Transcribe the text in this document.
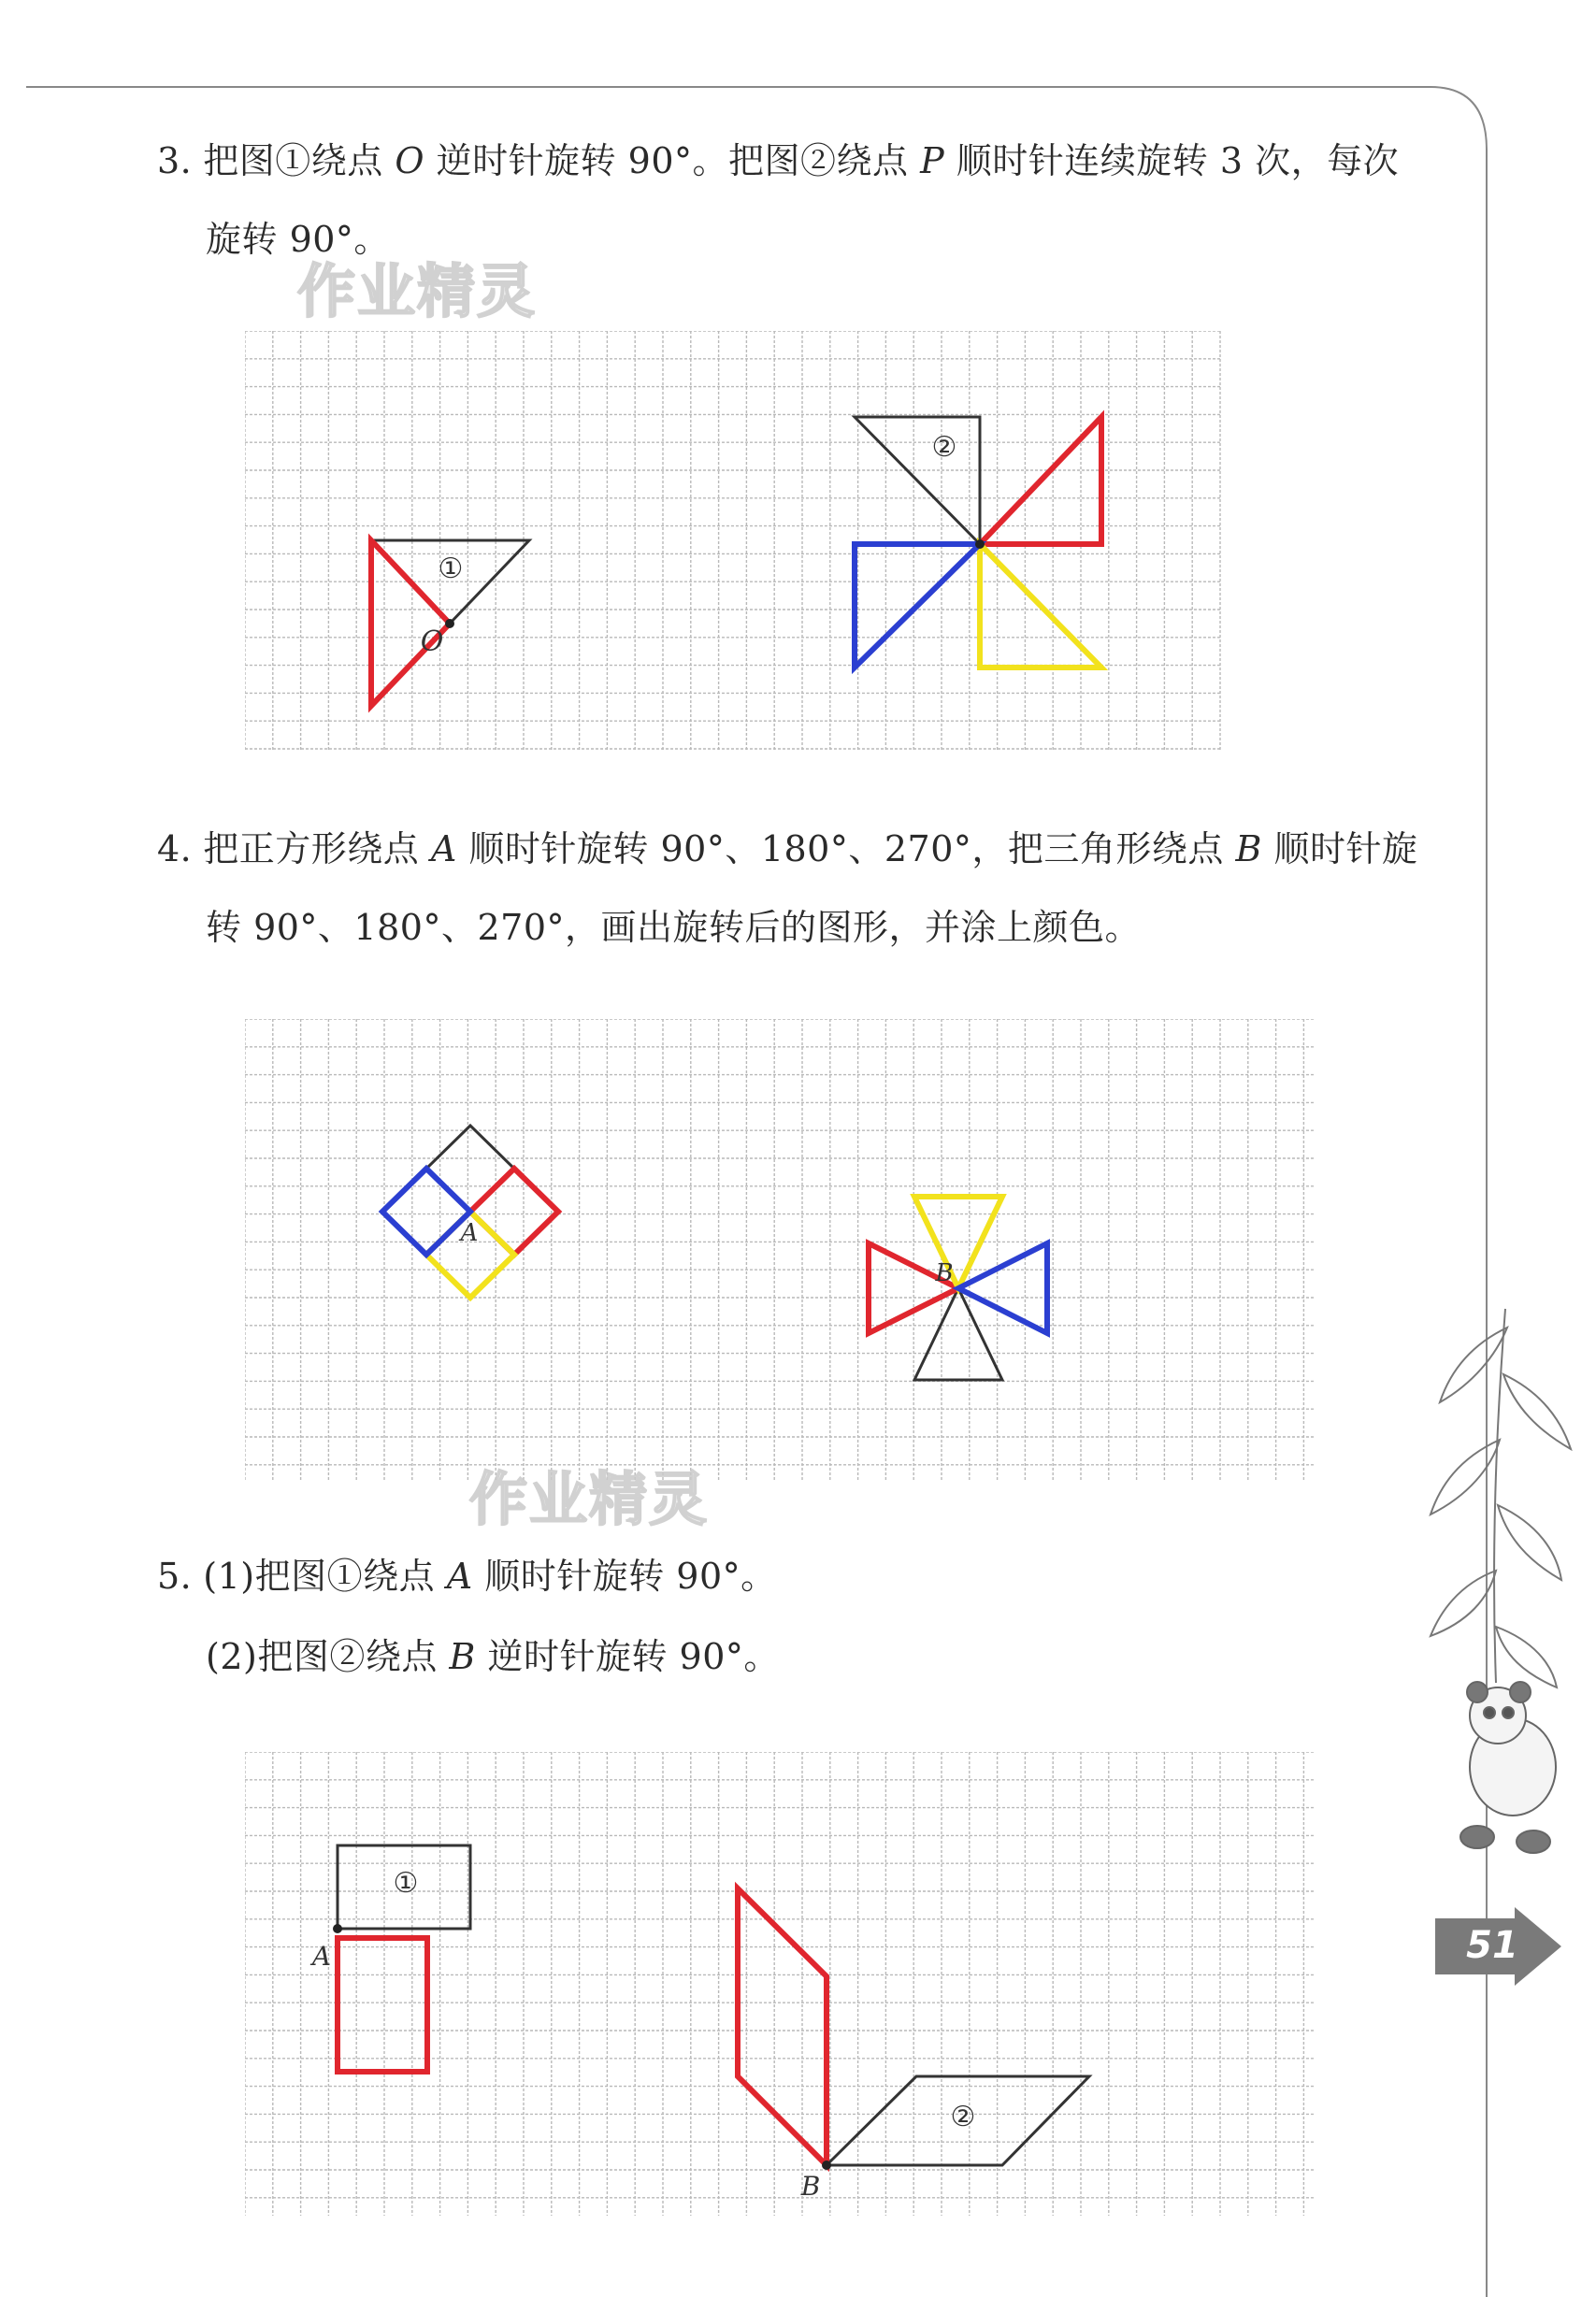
3. 把图①绕点 O 逆时针旋转 90°。把图②绕点 P 顺时针连续旋转 3 次，每次

旋转 90°。

作业精灵
O
①
②

4. 把正方形绕点 A 顺时针旋转 90°、180°、270°，把三角形绕点 B 顺时针旋

转 90°、180°、270°，画出旋转后的图形，并涂上颜色。

A
B
作业精灵

5. (1)把图①绕点 A 顺时针旋转 90°。

(2)把图②绕点 B 逆时针旋转 90°。

A
①
B
②
51
